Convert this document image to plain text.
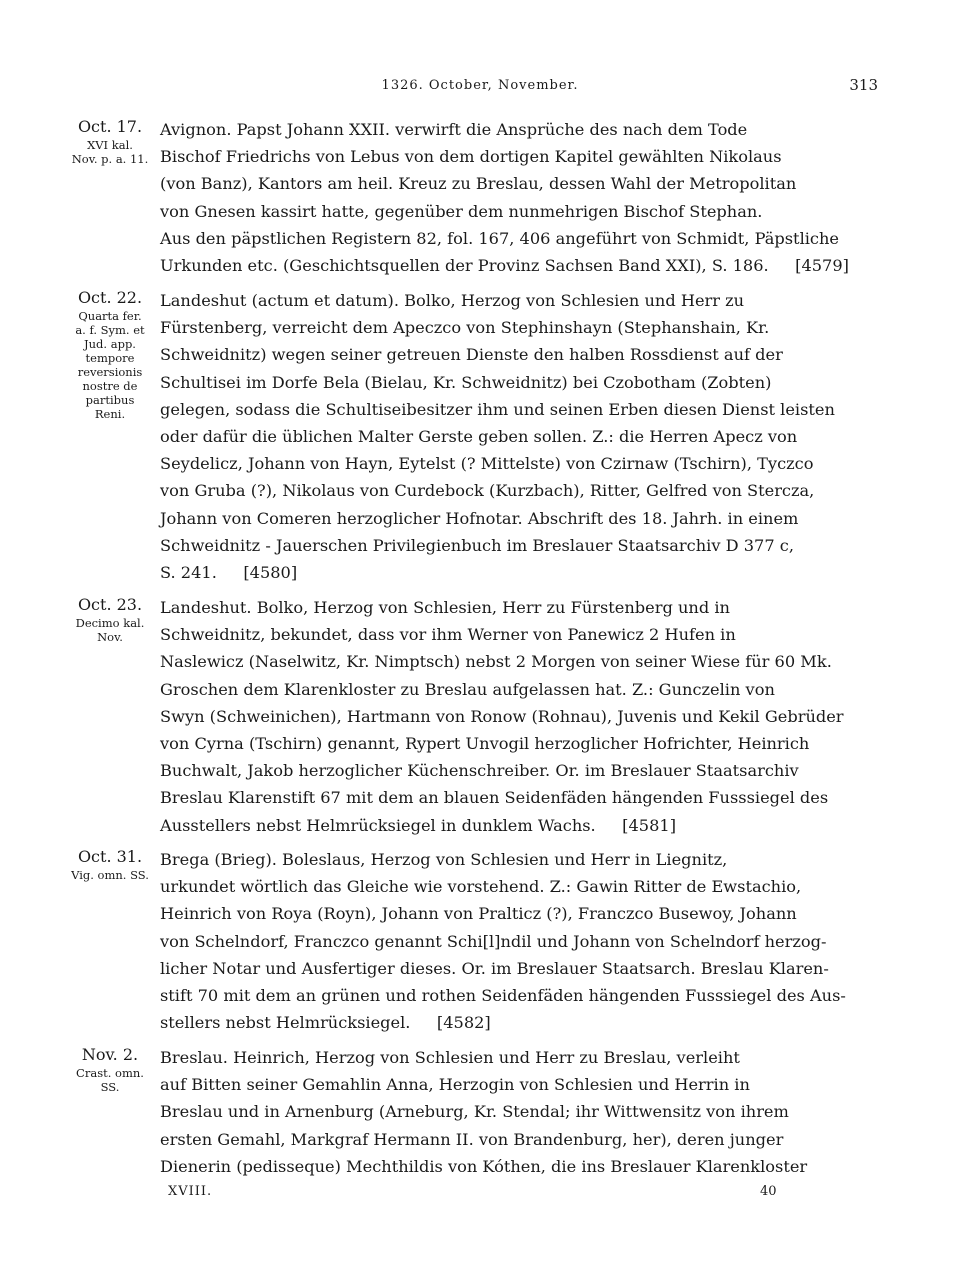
1326. October, November.	313
Oct. 17.
XVI kal.
Nov. p. a. 11.
Avignon. Papst Johann XXII. verwirft die Ansprüche des nach dem Tode
Bischof Friedrichs von Lebus von dem dortigen Kapitel gewählten Nikolaus
(von Banz), Kantors am heil. Kreuz zu Breslau, dessen Wahl der Metropolitan
von Gnesen kassirt hatte, gegenüber dem nunmehrigen Bischof Stephan.
Aus den päpstlichen Registern 82, fol. 167, 406 angeführt von Schmidt, Päpstliche
Urkunden etc. (Geschichtsquellen der Provinz Sachsen Band XXI), S. 186.   [4579]
Oct. 22.
Quarta fer.
a. f. Sym. et
Jud. app.
tempore
reversionis
nostre de
partibus
Reni.
Landeshut (actum et datum). Bolko, Herzog von Schlesien und Herr zu
Fürstenberg, verreicht dem Apeczco von Stephinshayn (Stephanshain, Kr.
Schweidnitz) wegen seiner getreuen Dienste den halben Rossdienst auf der
Schultisei im Dorfe Bela (Bielau, Kr. Schweidnitz) bei Czobotham (Zobten)
gelegen, sodass die Schultiseibesitzer ihm und seinen Erben diesen Dienst leisten
oder dafür die üblichen Malter Gerste geben sollen. Z.: die Herren Apecz von
Seydelicz, Johann von Hayn, Eytelst (? Mittelste) von Czirnaw (Tschirn), Tyczco
von Gruba (?), Nikolaus von Curdebock (Kurzbach), Ritter, Gelfred von Stercza,
Johann von Comeren herzoglicher Hofnotar. Abschrift des 18. Jahrh. in einem
Schweidnitz - Jauerschen Privilegienbuch im Breslauer Staatsarchiv D 377 c,
S. 241.   [4580]
Oct. 23.
Decimo kal.
Nov.
Landeshut. Bolko, Herzog von Schlesien, Herr zu Fürstenberg und in
Schweidnitz, bekundet, dass vor ihm Werner von Panewicz 2 Hufen in
Naslewicz (Naselwitz, Kr. Nimptsch) nebst 2 Morgen von seiner Wiese für 60 Mk.
Groschen dem Klarenkloster zu Breslau aufgelassen hat. Z.: Gunczelin von
Swyn (Schweinichen), Hartmann von Ronow (Rohnau), Juvenis und Kekil Gebrüder
von Cyrna (Tschirn) genannt, Rypert Unvogil herzoglicher Hofrichter, Heinrich
Buchwalt, Jakob herzoglicher Küchenschreiber. Or. im Breslauer Staatsarchiv
Breslau Klarenstift 67 mit dem an blauen Seidenfäden hängenden Fusssiegel des
Ausstellers nebst Helmrücksiegel in dunklem Wachs.   [4581]
Oct. 31.
Vig. omn. SS.
Brega (Brieg). Boleslaus, Herzog von Schlesien und Herr in Liegnitz,
urkundet wörtlich das Gleiche wie vorstehend. Z.: Gawin Ritter de Ewstachio,
Heinrich von Roya (Royn), Johann von Pralticz (?), Franczco Busewoy, Johann
von Schelndorf, Franczco genannt Schi[l]ndil und Johann von Schelndorf herzog-
licher Notar und Ausfertiger dieses. Or. im Breslauer Staatsarch. Breslau Klaren-
stift 70 mit dem an grünen und rothen Seidenfäden hängenden Fusssiegel des Aus-
stellers nebst Helmrücksiegel.   [4582]
Nov. 2.
Crast. omn.
SS.
Breslau. Heinrich, Herzog von Schlesien und Herr zu Breslau, verleiht
auf Bitten seiner Gemahlin Anna, Herzogin von Schlesien und Herrin in
Breslau und in Arnenburg (Arneburg, Kr. Stendal; ihr Wittwensitz von ihrem
ersten Gemahl, Markgraf Hermann II. von Brandenburg, her), deren junger
Dienerin (pedisseque) Mechthildis von Kóthen, die ins Breslauer Klarenkloster
XVIII.	40
